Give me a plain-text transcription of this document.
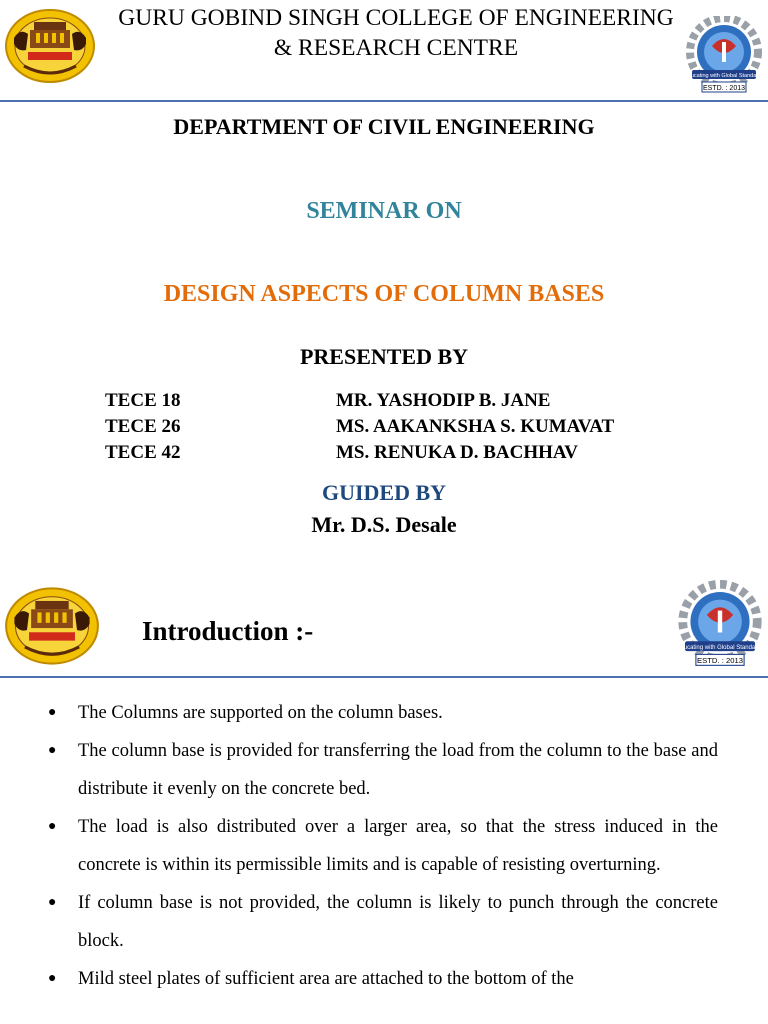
GURU GOBIND SINGH COLLEGE OF ENGINEERING
& RESEARCH CENTRE
Educating with Global Standards
ESTD. : 2013
DEPARTMENT OF CIVIL ENGINEERING
SEMINAR ON
DESIGN ASPECTS OF COLUMN BASES
PRESENTED BY
TECE 18	MR. YASHODIP B. JANE
TECE 26	MS. AAKANKSHA S. KUMAVAT
TECE 42	MS. RENUKA D. BACHHAV
GUIDED BY
Mr. D.S. Desale
Introduction :-
Educating with Global Standards
ESTD. : 2013
● The Columns are supported on the column bases.
● The column base is provided for transferring the load from the column to the base and distribute it evenly on the concrete bed.
● The load is also distributed over a larger area, so that the stress induced in the concrete is within its permissible limits and is capable of resisting overturning.
● If column base is not provided, the column is likely to punch through the concrete block.
● Mild steel plates of sufficient area are attached to the bottom of the
